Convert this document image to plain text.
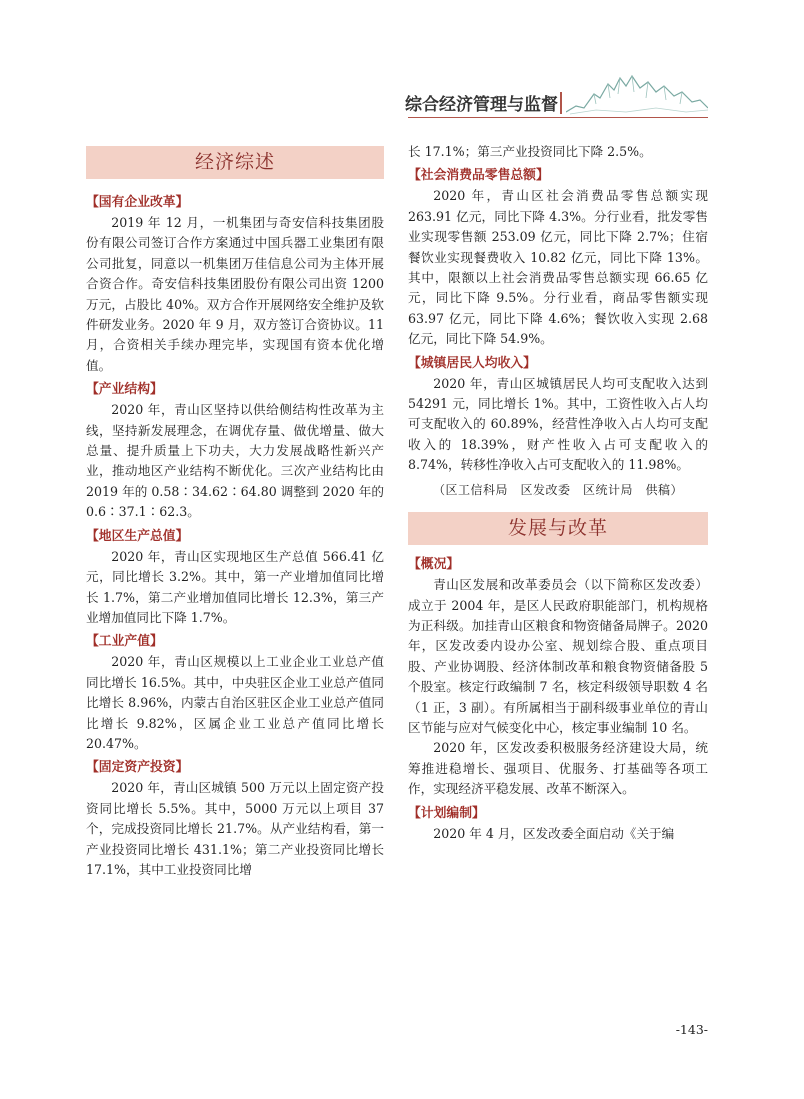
综合经济管理与监督
经济综述
【国有企业改革】

2019 年 12 月，一机集团与奇安信科技集团股份有限公司签订合作方案通过中国兵器工业集团有限公司批复，同意以一机集团万佳信息公司为主体开展合资合作。奇安信科技集团股份有限公司出资 1200 万元，占股比 40%。双方合作开展网络安全维护及软件研发业务。2020 年 9 月，双方签订合资协议。11 月，合资相关手续办理完毕，实现国有资本优化增值。

【产业结构】

2020 年，青山区坚持以供给侧结构性改革为主线，坚持新发展理念，在调优存量、做优增量、做大总量、提升质量上下功夫，大力发展战略性新兴产业，推动地区产业结构不断优化。三次产业结构比由 2019 年的 0.58∶34.62∶64.80 调整到 2020 年的 0.6∶37.1∶62.3。

【地区生产总值】

2020 年，青山区实现地区生产总值 566.41 亿元，同比增长 3.2%。其中，第一产业增加值同比增长 1.7%，第二产业增加值同比增长 12.3%，第三产业增加值同比下降 1.7%。

【工业产值】

2020 年，青山区规模以上工业企业工业总产值同比增长 16.5%。其中，中央驻区企业工业总产值同比增长 8.96%，内蒙古自治区驻区企业工业总产值同比增长 9.82%，区属企业工业总产值同比增长 20.47%。

【固定资产投资】

2020 年，青山区城镇 500 万元以上固定资产投资同比增长 5.5%。其中，5000 万元以上项目 37 个，完成投资同比增长 21.7%。从产业结构看，第一产业投资同比增长 431.1%；第二产业投资同比增长 17.1%，其中工业投资同比增

长 17.1%；第三产业投资同比下降 2.5%。

【社会消费品零售总额】

2020 年，青山区社会消费品零售总额实现 263.91 亿元，同比下降 4.3%。分行业看，批发零售业实现零售额 253.09 亿元，同比下降 2.7%；住宿餐饮业实现餐费收入 10.82 亿元，同比下降 13%。其中，限额以上社会消费品零售总额实现 66.65 亿元，同比下降 9.5%。分行业看，商品零售额实现 63.97 亿元，同比下降 4.6%；餐饮收入实现 2.68 亿元，同比下降 54.9%。

【城镇居民人均收入】

2020 年，青山区城镇居民人均可支配收入达到 54291 元，同比增长 1%。其中，工资性收入占人均可支配收入的 60.89%，经营性净收入占人均可支配收入的 18.39%，财产性收入占可支配收入的 8.74%，转移性净收入占可支配收入的 11.98%。

（区工信科局　区发改委　区统计局　供稿）
发展与改革
【概况】

青山区发展和改革委员会（以下简称区发改委）成立于 2004 年，是区人民政府职能部门，机构规格为正科级。加挂青山区粮食和物资储备局牌子。2020 年，区发改委内设办公室、规划综合股、重点项目股、产业协调股、经济体制改革和粮食物资储备股 5 个股室。核定行政编制 7 名，核定科级领导职数 4 名（1 正，3 副）。有所属相当于副科级事业单位的青山区节能与应对气候变化中心，核定事业编制 10 名。

2020 年，区发改委积极服务经济建设大局，统筹推进稳增长、强项目、优服务、打基础等各项工作，实现经济平稳发展、改革不断深入。

【计划编制】

2020 年 4 月，区发改委全面启动《关于编

-143-
